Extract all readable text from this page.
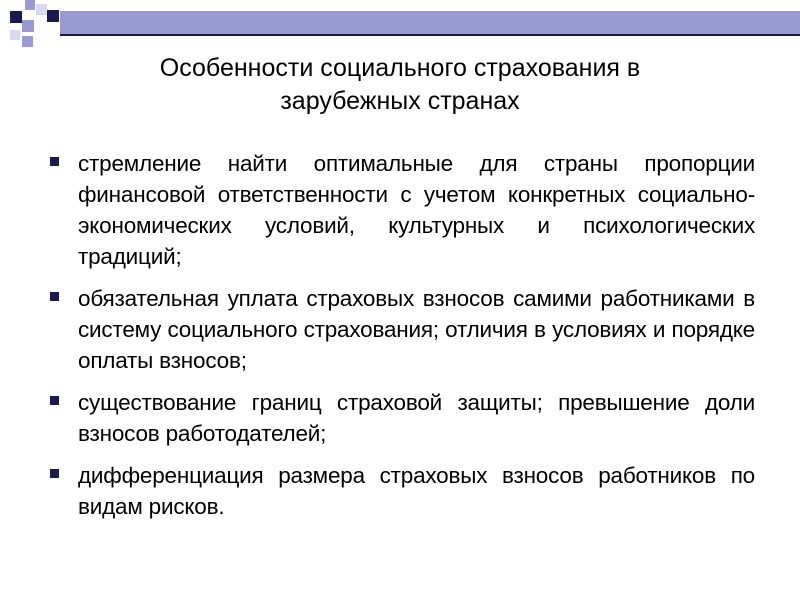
Особенности социального страхования в
зарубежных странах
стремление найти оптимальные для страны пропорции финансовой ответственности с учетом конкретных социально-экономических условий, культурных и психологических традиций;
обязательная уплата страховых взносов самими работниками в систему социального страхования; отличия в условиях и порядке оплаты взносов;
существование границ страховой защиты; превышение доли взносов работодателей;
дифференциация размера страховых взносов работников по видам рисков.
